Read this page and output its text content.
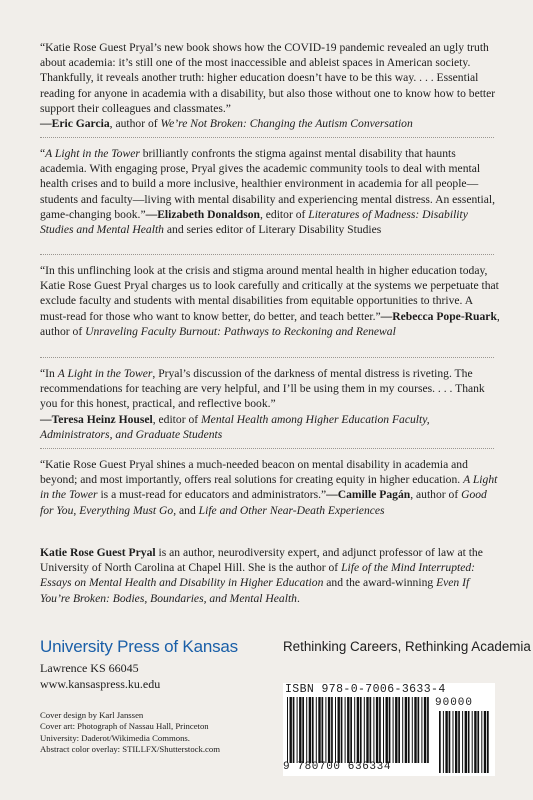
“Katie Rose Guest Pryal’s new book shows how the COVID-19 pandemic revealed an ugly truth about academia: it’s still one of the most inaccessible and ableist spaces in American society. Thankfully, it reveals another truth: higher education doesn’t have to be this way. . . . Essential reading for anyone in academia with a disability, but also those without one to know how to better support their colleagues and classmates.”
—Eric Garcia, author of We’re Not Broken: Changing the Autism Conversation

“A Light in the Tower brilliantly confronts the stigma against mental disability that haunts academia. With engaging prose, Pryal gives the academic community tools to deal with mental health crises and to build a more inclusive, healthier environment in academia for all people—students and faculty—living with mental disability and experiencing mental distress. An essential, game-changing book.”—Elizabeth Donaldson, editor of Literatures of Madness: Disability Studies and Mental Health and series editor of Literary Disability Studies

“In this unflinching look at the crisis and stigma around mental health in higher education today, Katie Rose Guest Pryal charges us to look carefully and critically at the systems we perpetuate that exclude faculty and students with mental disabilities from equitable opportunities to thrive. A must-read for those who want to know better, do better, and teach better.”—Rebecca Pope-Ruark, author of Unraveling Faculty Burnout: Pathways to Reckoning and Renewal

“In A Light in the Tower, Pryal’s discussion of the darkness of mental distress is riveting. The recommendations for teaching are very helpful, and I’ll be using them in my courses. . . . Thank you for this honest, practical, and reflective book.”
—Teresa Heinz Housel, editor of Mental Health among Higher Education Faculty, Administrators, and Graduate Students

“Katie Rose Guest Pryal shines a much-needed beacon on mental disability in academia and beyond; and most importantly, offers real solutions for creating equity in higher education. A Light in the Tower is a must-read for educators and administrators.”—Camille Pagán, author of Good for You, Everything Must Go, and Life and Other Near-Death Experiences

Katie Rose Guest Pryal is an author, neurodiversity expert, and adjunct professor of law at the University of North Carolina at Chapel Hill. She is the author of Life of the Mind Interrupted: Essays on Mental Health and Disability in Higher Education and the award-winning Even If You’re Broken: Bodies, Boundaries, and Mental Health.

University Press of Kansas
Lawrence KS 66045
www.kansaspress.ku.edu
Rethinking Careers, Rethinking Academia
Cover design by Karl Janssen
Cover art: Photograph of Nassau Hall, Princeton
University: Daderot/Wikimedia Commons.
Abstract color overlay: STILLFX/Shutterstock.com
ISBN 978-0-7006-3633-4
9 780700 636334
90000
